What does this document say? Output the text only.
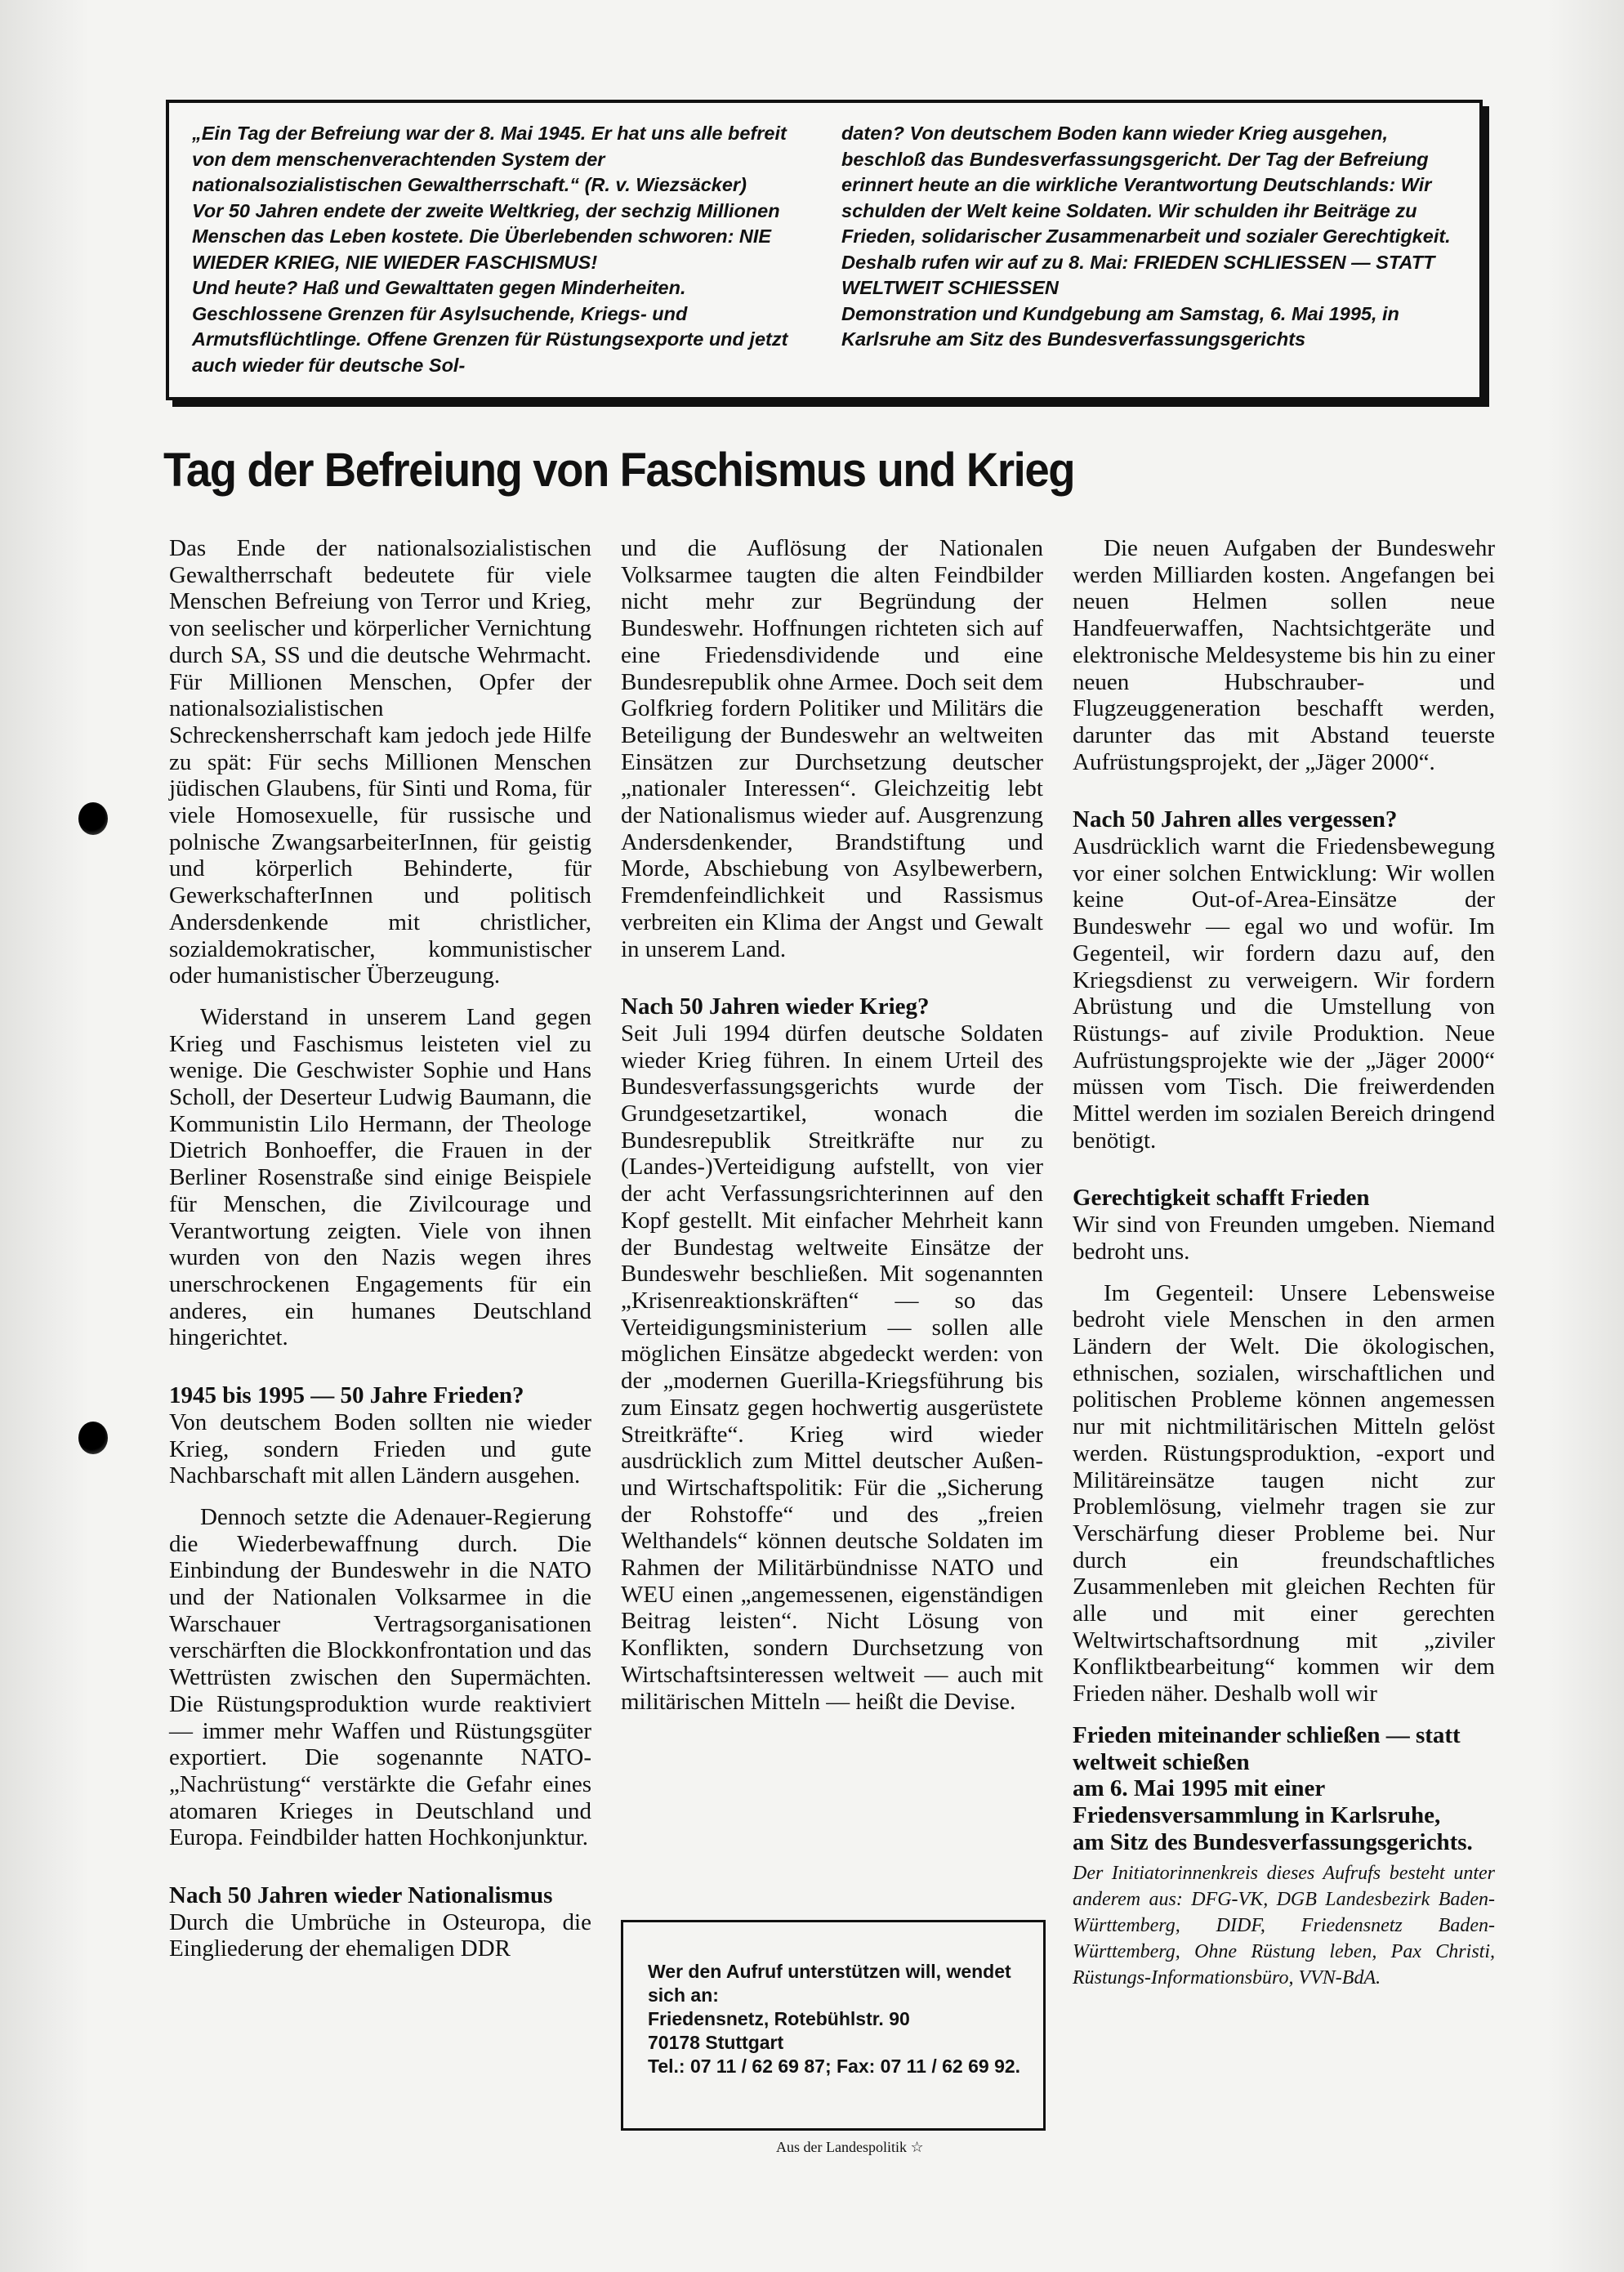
„Ein Tag der Befreiung war der 8. Mai 1945. Er hat uns alle befreit von dem menschenverachtenden System der nationalsozialistischen Gewaltherrschaft.“ (R. v. Wiezsäcker)

Vor 50 Jahren endete der zweite Weltkrieg, der sechzig Millionen Menschen das Leben kostete. Die Überlebenden schworen: NIE WIEDER KRIEG, NIE WIEDER FASCHISMUS!

Und heute? Haß und Gewalttaten gegen Minderheiten. Geschlossene Grenzen für Asylsuchende, Kriegs- und Armutsflüchtlinge. Offene Grenzen für Rüstungsexporte und jetzt auch wieder für deutsche Sol-

daten? Von deutschem Boden kann wieder Krieg ausgehen, beschloß das Bundesverfassungsgericht. Der Tag der Befreiung erinnert heute an die wirkliche Verantwortung Deutschlands: Wir schulden der Welt keine Soldaten. Wir schulden ihr Beiträge zu Frieden, solidarischer Zusammenarbeit und sozialer Gerechtigkeit.

Deshalb rufen wir auf zu 8. Mai: FRIEDEN SCHLIESSEN — STATT WELTWEIT SCHIESSEN

Demonstration und Kundgebung am Samstag, 6. Mai 1995, in Karlsruhe am Sitz des Bundesverfassungsgerichts

Tag der Befreiung von Faschismus und Krieg

Das Ende der nationalsozialistischen Gewaltherrschaft bedeutete für viele Menschen Befreiung von Terror und Krieg, von seelischer und körperlicher Vernichtung durch SA, SS und die deutsche Wehrmacht. Für Millionen Menschen, Opfer der nationalsozialistischen Schreckensherrschaft kam jedoch jede Hilfe zu spät: Für sechs Millionen Menschen jüdischen Glaubens, für Sinti und Roma, für viele Homosexuelle, für russische und polnische ZwangsarbeiterInnen, für geistig und körperlich Behinderte, für GewerkschafterInnen und politisch Andersdenkende mit christlicher, sozialdemokratischer, kommunistischer oder humanistischer Überzeugung.

Widerstand in unserem Land gegen Krieg und Faschismus leisteten viel zu wenige. Die Geschwister Sophie und Hans Scholl, der Deserteur Ludwig Baumann, die Kommunistin Lilo Hermann, der Theologe Dietrich Bonhoeffer, die Frauen in der Berliner Rosenstraße sind einige Beispiele für Menschen, die Zivilcourage und Verantwortung zeigten. Viele von ihnen wurden von den Nazis wegen ihres unerschrockenen Engagements für ein anderes, ein humanes Deutschland hingerichtet.

1945 bis 1995 — 50 Jahre Frieden?

Von deutschem Boden sollten nie wieder Krieg, sondern Frieden und gute Nachbarschaft mit allen Ländern ausgehen.

Dennoch setzte die Adenauer-Regierung die Wiederbewaffnung durch. Die Einbindung der Bundeswehr in die NATO und der Nationalen Volksarmee in die Warschauer Vertragsorganisationen verschärften die Blockkonfrontation und das Wettrüsten zwischen den Supermächten. Die Rüstungsproduktion wurde reaktiviert — immer mehr Waffen und Rüstungsgüter exportiert. Die sogenannte NATO-„Nachrüstung“ verstärkte die Gefahr eines atomaren Krieges in Deutschland und Europa. Feindbilder hatten Hochkonjunktur.

Nach 50 Jahren wieder Nationalismus

Durch die Umbrüche in Osteuropa, die Eingliederung der ehemaligen DDR

und die Auflösung der Nationalen Volksarmee taugten die alten Feindbilder nicht mehr zur Begründung der Bundeswehr. Hoffnungen richteten sich auf eine Friedensdividende und eine Bundesrepublik ohne Armee. Doch seit dem Golfkrieg fordern Politiker und Militärs die Beteiligung der Bundeswehr an weltweiten Einsätzen zur Durchsetzung deutscher „nationaler Interessen“. Gleichzeitig lebt der Nationalismus wieder auf. Ausgrenzung Andersdenkender, Brandstiftung und Morde, Abschiebung von Asylbewerbern, Fremdenfeindlichkeit und Rassismus verbreiten ein Klima der Angst und Gewalt in unserem Land.

Nach 50 Jahren wieder Krieg?

Seit Juli 1994 dürfen deutsche Soldaten wieder Krieg führen. In einem Urteil des Bundesverfassungsgerichts wurde der Grundgesetzartikel, wonach die Bundesrepublik Streitkräfte nur zu (Landes-)Verteidigung aufstellt, von vier der acht Verfassungsrichterinnen auf den Kopf gestellt. Mit einfacher Mehrheit kann der Bundestag weltweite Einsätze der Bundeswehr beschließen. Mit sogenannten „Krisenreaktionskräften“ — so das Verteidigungsministerium — sollen alle möglichen Einsätze abgedeckt werden: von der „modernen Guerilla-Kriegsführung bis zum Einsatz gegen hochwertig ausgerüstete Streitkräfte“. Krieg wird wieder ausdrücklich zum Mittel deutscher Außen- und Wirtschaftspolitik: Für die „Sicherung der Rohstoffe“ und des „freien Welthandels“ können deutsche Soldaten im Rahmen der Militärbündnisse NATO und WEU einen „angemessenen, eigenständigen Beitrag leisten“. Nicht Lösung von Konflikten, sondern Durchsetzung von Wirtschaftsinteressen weltweit — auch mit militärischen Mitteln — heißt die Devise.

Die neuen Aufgaben der Bundeswehr werden Milliarden kosten. Angefangen bei neuen Helmen sollen neue Handfeuerwaffen, Nachtsichtgeräte und elektronische Meldesysteme bis hin zu einer neuen Hubschrauber- und Flugzeuggeneration beschafft werden, darunter das mit Abstand teuerste Aufrüstungsprojekt, der „Jäger 2000“.

Nach 50 Jahren alles vergessen?

Ausdrücklich warnt die Friedensbewegung vor einer solchen Entwicklung: Wir wollen keine Out-of-Area-Einsätze der Bundeswehr — egal wo und wofür. Im Gegenteil, wir fordern dazu auf, den Kriegsdienst zu verweigern. Wir fordern Abrüstung und die Umstellung von Rüstungs- auf zivile Produktion. Neue Aufrüstungsprojekte wie der „Jäger 2000“ müssen vom Tisch. Die freiwerdenden Mittel werden im sozialen Bereich dringend benötigt.

Gerechtigkeit schafft Frieden

Wir sind von Freunden umgeben. Niemand bedroht uns.

Im Gegenteil: Unsere Lebensweise bedroht viele Menschen in den armen Ländern der Welt. Die ökologischen, ethnischen, sozialen, wirschaftlichen und politischen Probleme können angemessen nur mit nichtmilitärischen Mitteln gelöst werden. Rüstungsproduktion, -export und Militäreinsätze taugen nicht zur Problemlösung, vielmehr tragen sie zur Verschärfung dieser Probleme bei. Nur durch ein freundschaftliches Zusammenleben mit gleichen Rechten für alle und mit einer gerechten Weltwirtschaftsordnung mit „ziviler Konfliktbearbeitung“ kommen wir dem Frieden näher. Deshalb woll wir

Frieden miteinander schließen — statt weltweit schießen

am 6. Mai 1995 mit einer Friedensversammlung in Karlsruhe,

am Sitz des Bundesverfassungsgerichts.

Der Initiatorinnenkreis dieses Aufrufs besteht unter anderem aus: DFG-VK, DGB Landesbezirk Baden-Württemberg, DIDF, Friedensnetz Baden-Württemberg, Ohne Rüstung leben, Pax Christi, Rüstungs-Informationsbüro, VVN-BdA.

Wer den Aufruf unterstützen will, wendet sich an:
Friedensnetz, Rotebühlstr. 90
70178 Stuttgart
Tel.: 07 11 / 62 69 87; Fax: 07 11 / 62 69 92.
Aus der Landespolitik ☆
